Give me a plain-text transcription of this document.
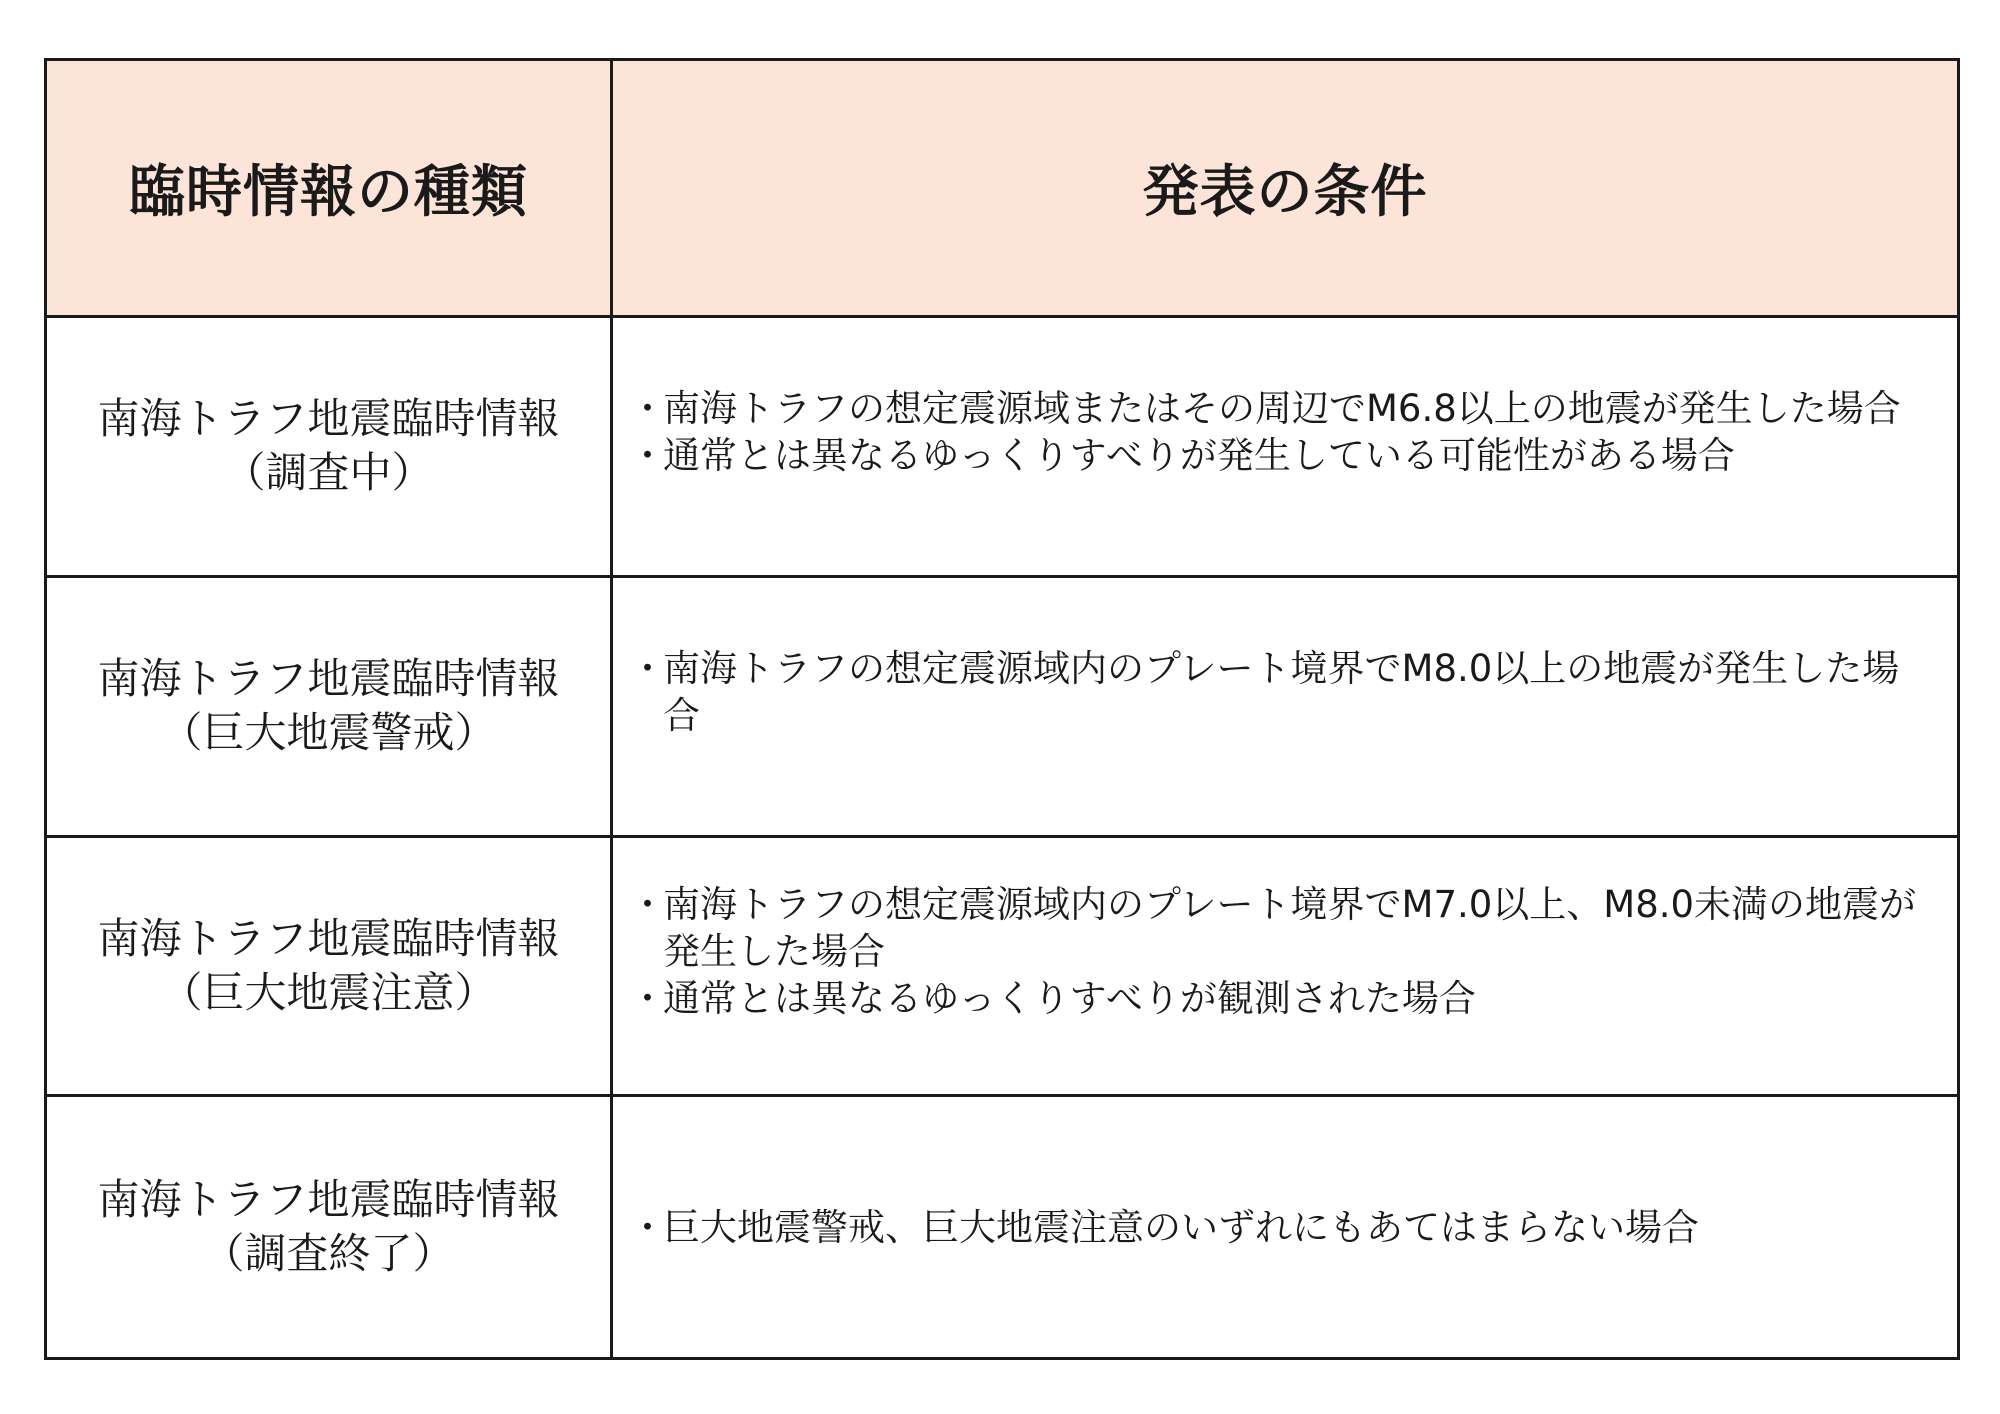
臨時情報の種類	発表の条件
南海トラフ地震臨時情報
（調査中）
・ 南海トラフの想定震源域またはその周辺でM6.8以上の地震が発生した場合
・ 通常とは異なるゆっくりすべりが発生している可能性がある場合
南海トラフ地震臨時情報
（巨大地震警戒）
・ 南海トラフの想定震源域内のプレート境界でM8.0以上の地震が発生した場合
南海トラフ地震臨時情報
（巨大地震注意）
・ 南海トラフの想定震源域内のプレート境界でM7.0以上、M8.0未満の地震が発生した場合
・ 通常とは異なるゆっくりすべりが観測された場合
南海トラフ地震臨時情報
（調査終了）
・ 巨大地震警戒、巨大地震注意のいずれにもあてはまらない場合
